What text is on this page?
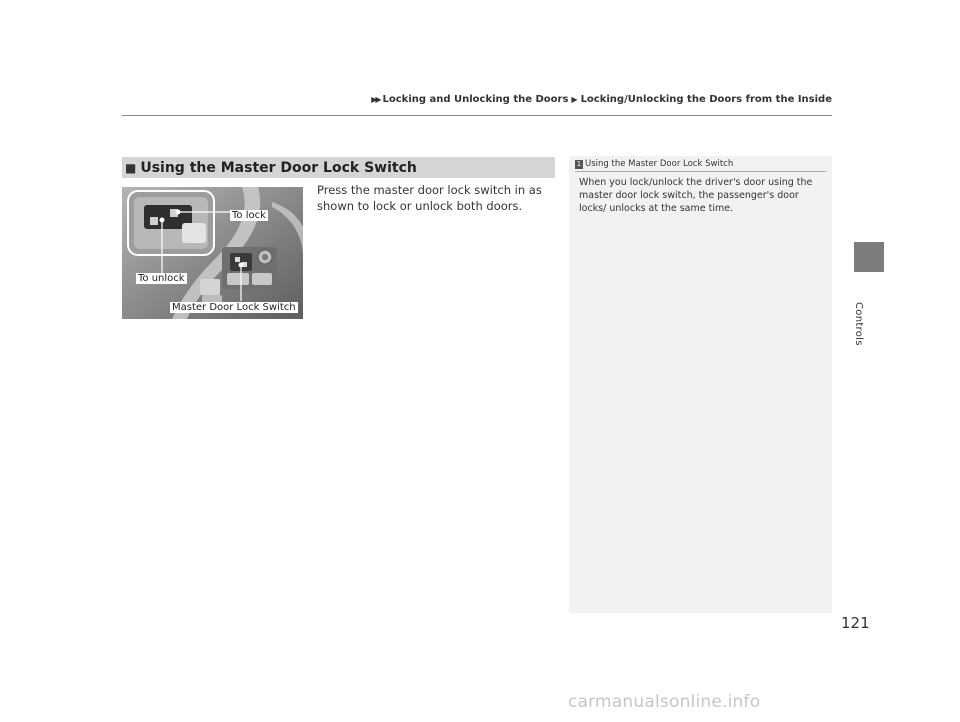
▶▶ Locking and Unlocking the Doors ▶ Locking/Unlocking the Doors from the Inside
Controls
■ Using the Master Door Lock Switch
To lock
To unlock
Master Door Lock Switch
Press the master door lock switch in as shown to lock or unlock both doors.
1 Using the Master Door Lock Switch
When you lock/unlock the driver's door using the master door lock switch, the passenger's door locks/ unlocks at the same time.
121
carmanualsonline.info
